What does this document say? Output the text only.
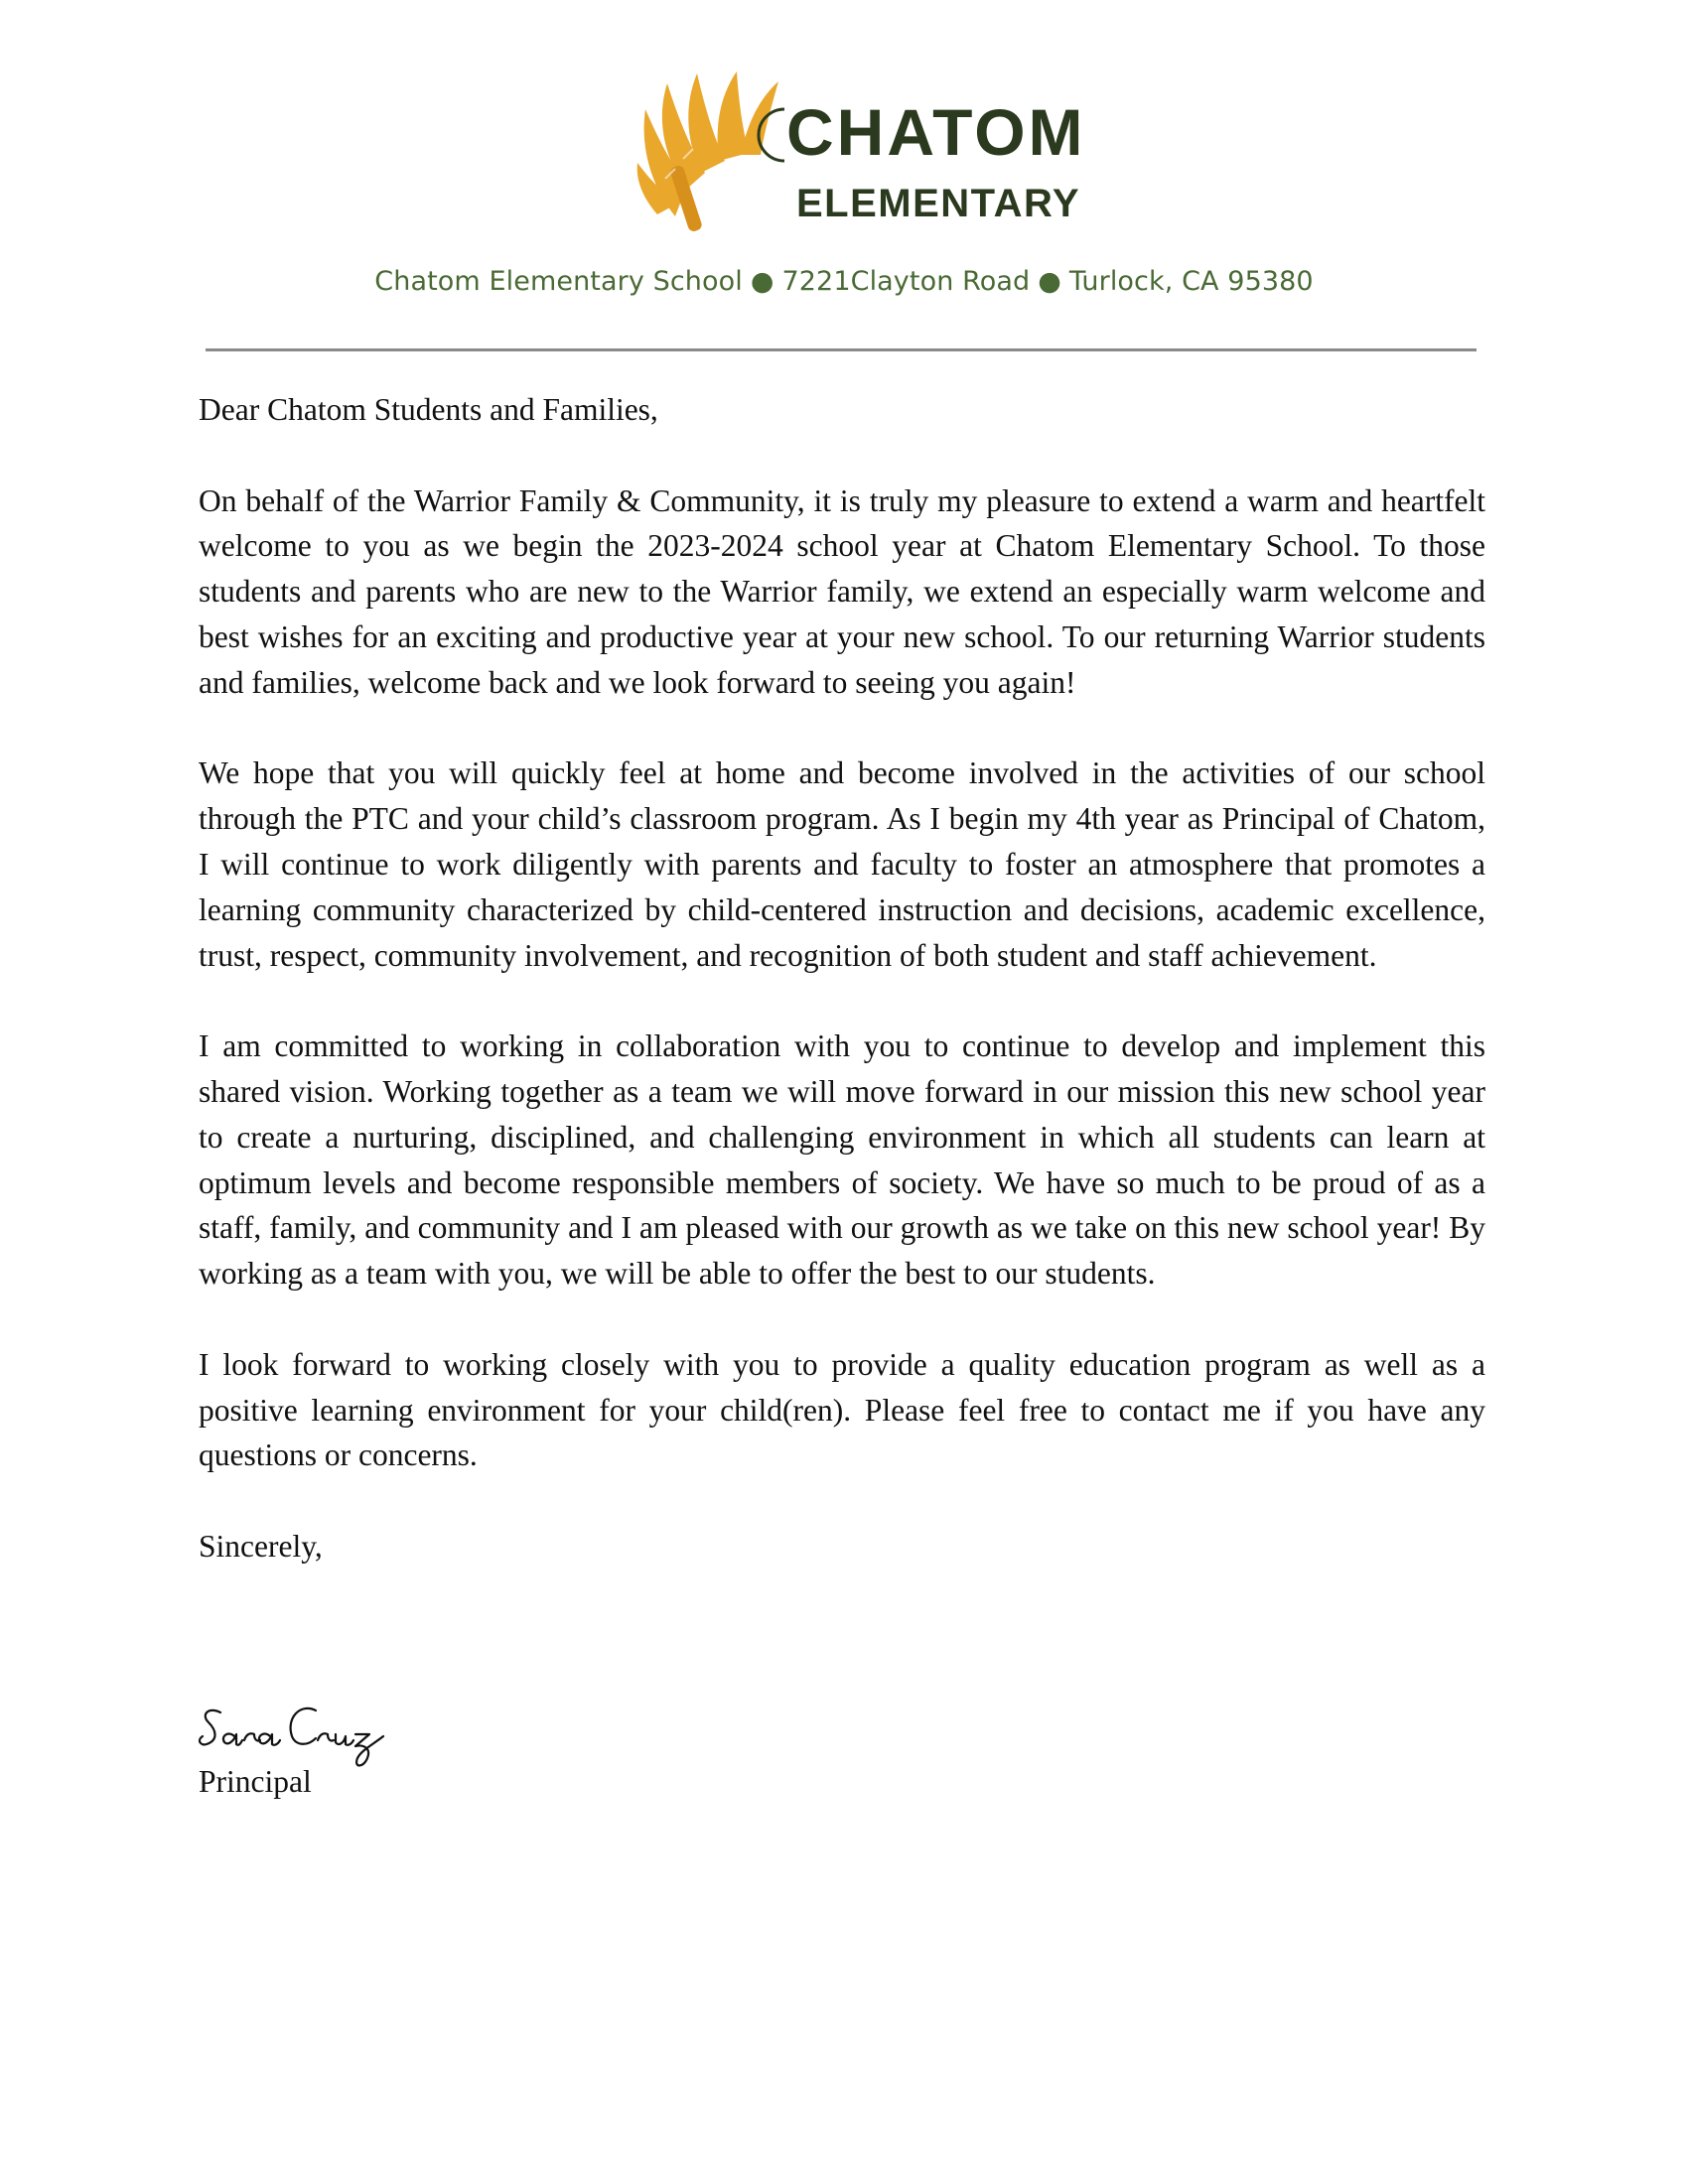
CHATOM
ELEMENTARY
Chatom Elementary School ● 7221Clayton Road ● Turlock, CA 95380

Dear Chatom Students and Families,

On behalf of the Warrior Family & Community, it is truly my pleasure to extend a warm and heartfelt welcome to you as we begin the 2023-2024 school year at Chatom Elementary School. To those students and parents who are new to the Warrior family, we extend an especially warm welcome and best wishes for an exciting and productive year at your new school. To our returning Warrior students and families, welcome back and we look forward to seeing you again!

We hope that you will quickly feel at home and become involved in the activities of our school through the PTC and your child’s classroom program. As I begin my 4th year as Principal of Chatom, I will continue to work diligently with parents and faculty to foster an atmosphere that promotes a learning community characterized by child-centered instruction and decisions, academic excellence, trust, respect, community involvement, and recognition of both student and staff achievement.

I am committed to working in collaboration with you to continue to develop and implement this shared vision. Working together as a team we will move forward in our mission this new school year to create a nurturing, disciplined, and challenging environment in which all students can learn at optimum levels and become responsible members of society. We have so much to be proud of as a staff, family, and community and I am pleased with our growth as we take on this new school year! By working as a team with you, we will be able to offer the best to our students.

I look forward to working closely with you to provide a quality education program as well as a positive learning environment for your child(ren). Please feel free to contact me if you have any questions or concerns.

Sincerely,

Principal
